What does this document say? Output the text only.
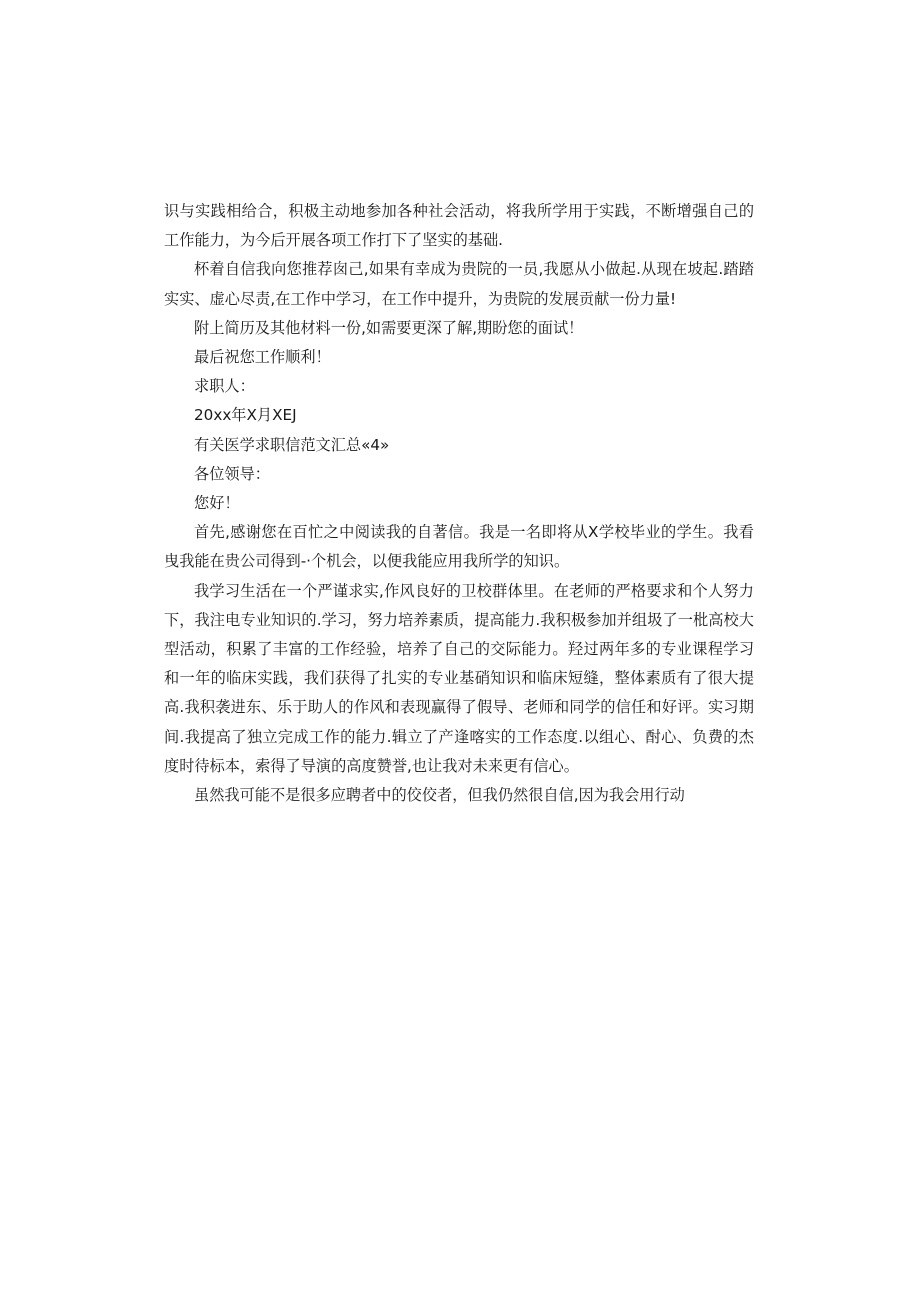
识与实践相给合，积极主动地参加各种社会活动，将我所学用于实践，不断增强自己的工作能力，为今后开展各项工作打下了坚实的基础.

杯着自信我向您推荐囱己,如果有幸成为贵院的一员,我愿从小做起.从现在坡起.踏踏实实、虚心尽责,在工作中学习，在工作中提升，为贵院的发展贡献一份力量!

附上简历及其他材料一份,如需要更深了解,期盼您的面试！

最后祝您工作顺利！

求职人：

20xx年X月XEJ

有关医学求职信范文汇总«4»

各位领导：

您好！

首先,感谢您在百忙之中阅读我的自著信。我是一名即将从X学校毕业的学生。我看曳我能在贵公司得到-·个机会，以便我能应用我所学的知识。

我学习生活在一个严谨求实,作风良好的卫校群体里。在老师的严格要求和个人努力下，我注电专业知识的.学习，努力培养素质，提高能力.我积极参加并组圾了一枇高校大型活动，积累了丰富的工作经验，培养了自己的交际能力。羟过两年多的专业课程学习和一年的临床实践，我们获得了扎实的专业基硝知识和临床短缝，整体素质有了很大提高.我积袭进东、乐于助人的作风和表现赢得了假导、老师和同学的信任和好评。实习期间.我提高了独立完成工作的能力.辑立了产逢喀实的工作态度.以组心、酎心、负费的杰度时待标本，索得了导演的高度赞誉,也让我对未来更有信心。

虽然我可能不是很多应聘者中的佼佼者，但我仍然很自信,因为我会用行动
